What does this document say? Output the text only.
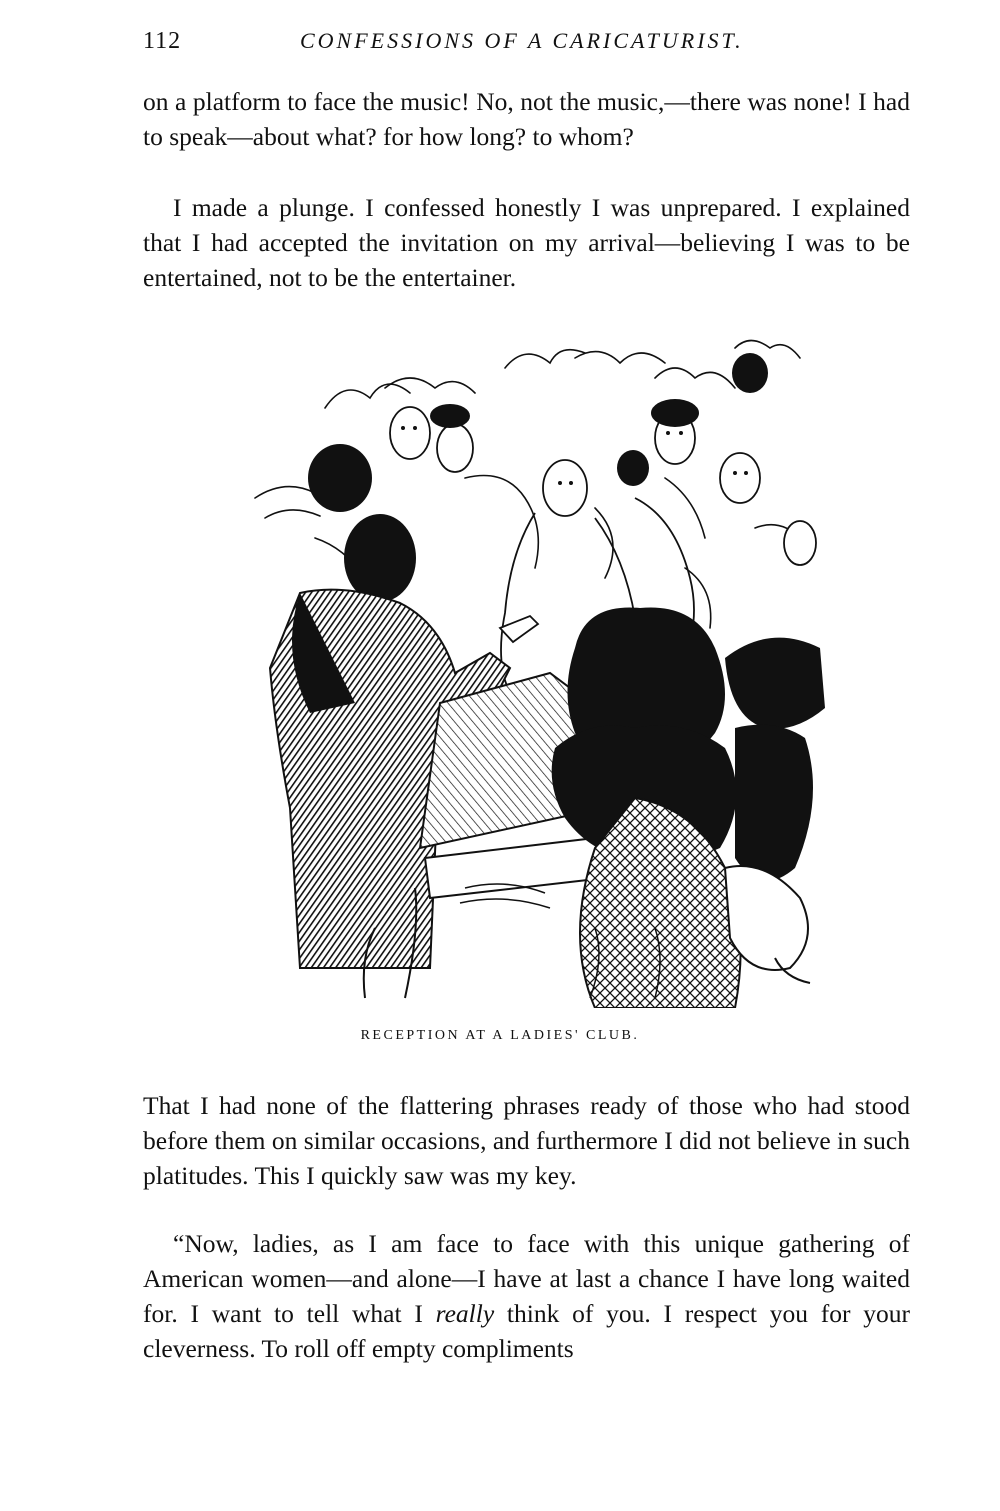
112	CONFESSIONS OF A CARICATURIST.

on a platform to face the music! No, not the music,—there was none! I had to speak—about what? for how long? to whom?

I made a plunge. I confessed honestly I was unprepared. I explained that I had accepted the invitation on my arrival—believing I was to be entertained, not to be the entertainer.

RECEPTION AT A LADIES' CLUB.

That I had none of the flattering phrases ready of those who had stood before them on similar occasions, and furthermore I did not believe in such platitudes. This I quickly saw was my key.

“Now, ladies, as I am face to face with this unique gathering of American women—and alone—I have at last a chance I have long waited for. I want to tell what I really think of you. I respect you for your cleverness. To roll off empty compliments
